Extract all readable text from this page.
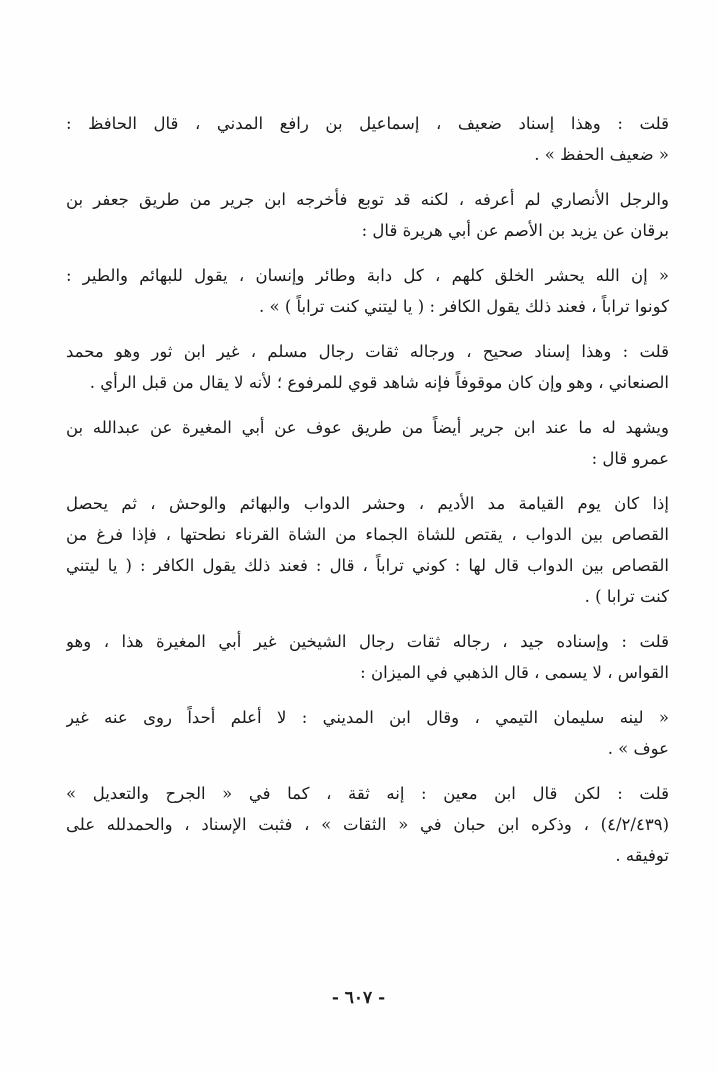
قلت : وهذا إسناد ضعيف ، إسماعيل بن رافع المدني ، قال الحافظ :
« ضعيف الحفظ » .
والرجل الأنصاري لم أعرفه ، لكنه قد توبع فأخرجه ابن جرير من طريق جعفر بن
برقان عن يزيد بن الأصم عن أبي هريرة قال :
« إن الله يحشر الخلق كلهم ، كل دابة وطائر وإنسان ، يقول للبهائم والطير :
كونوا تراباً ، فعند ذلك يقول الكافر : ( يا ليتني كنت تراباً ) » .
قلت : وهذا إسناد صحيح ، ورجاله ثقات رجال مسلم ، غير ابن ثور وهو محمد
الصنعاني ، وهو وإن كان موقوفاً فإنه شاهد قوي للمرفوع ؛ لأنه لا يقال من قبل الرأي .
ويشهد له ما عند ابن جرير أيضاً من طريق عوف عن أبي المغيرة عن عبدالله بن
عمرو قال :
إذا كان يوم القيامة مد الأديم ، وحشر الدواب والبهائم والوحش ، ثم يحصل
القصاص بين الدواب ، يقتص للشاة الجماء من الشاة القرناء نطحتها ، فإذا فرغ من
القصاص بين الدواب قال لها : كوني تراباً ، قال : فعند ذلك يقول الكافر : ( يا ليتني
كنت ترابا ) .
قلت : وإسناده جيد ، رجاله ثقات رجال الشيخين غير أبي المغيرة هذا ، وهو
القواس ، لا يسمى ، قال الذهبي في الميزان :
« لينه سليمان التيمي ، وقال ابن المديني : لا أعلم أحداً روى عنه غير
عوف » .
قلت : لكن قال ابن معين : إنه ثقة ، كما في « الجرح والتعديل »
(٤/٢/٤٣٩) ، وذكره ابن حبان في « الثقات » ، فثبت الإسناد ، والحمدلله على
توفيقه .
- ٦٠٧ -
